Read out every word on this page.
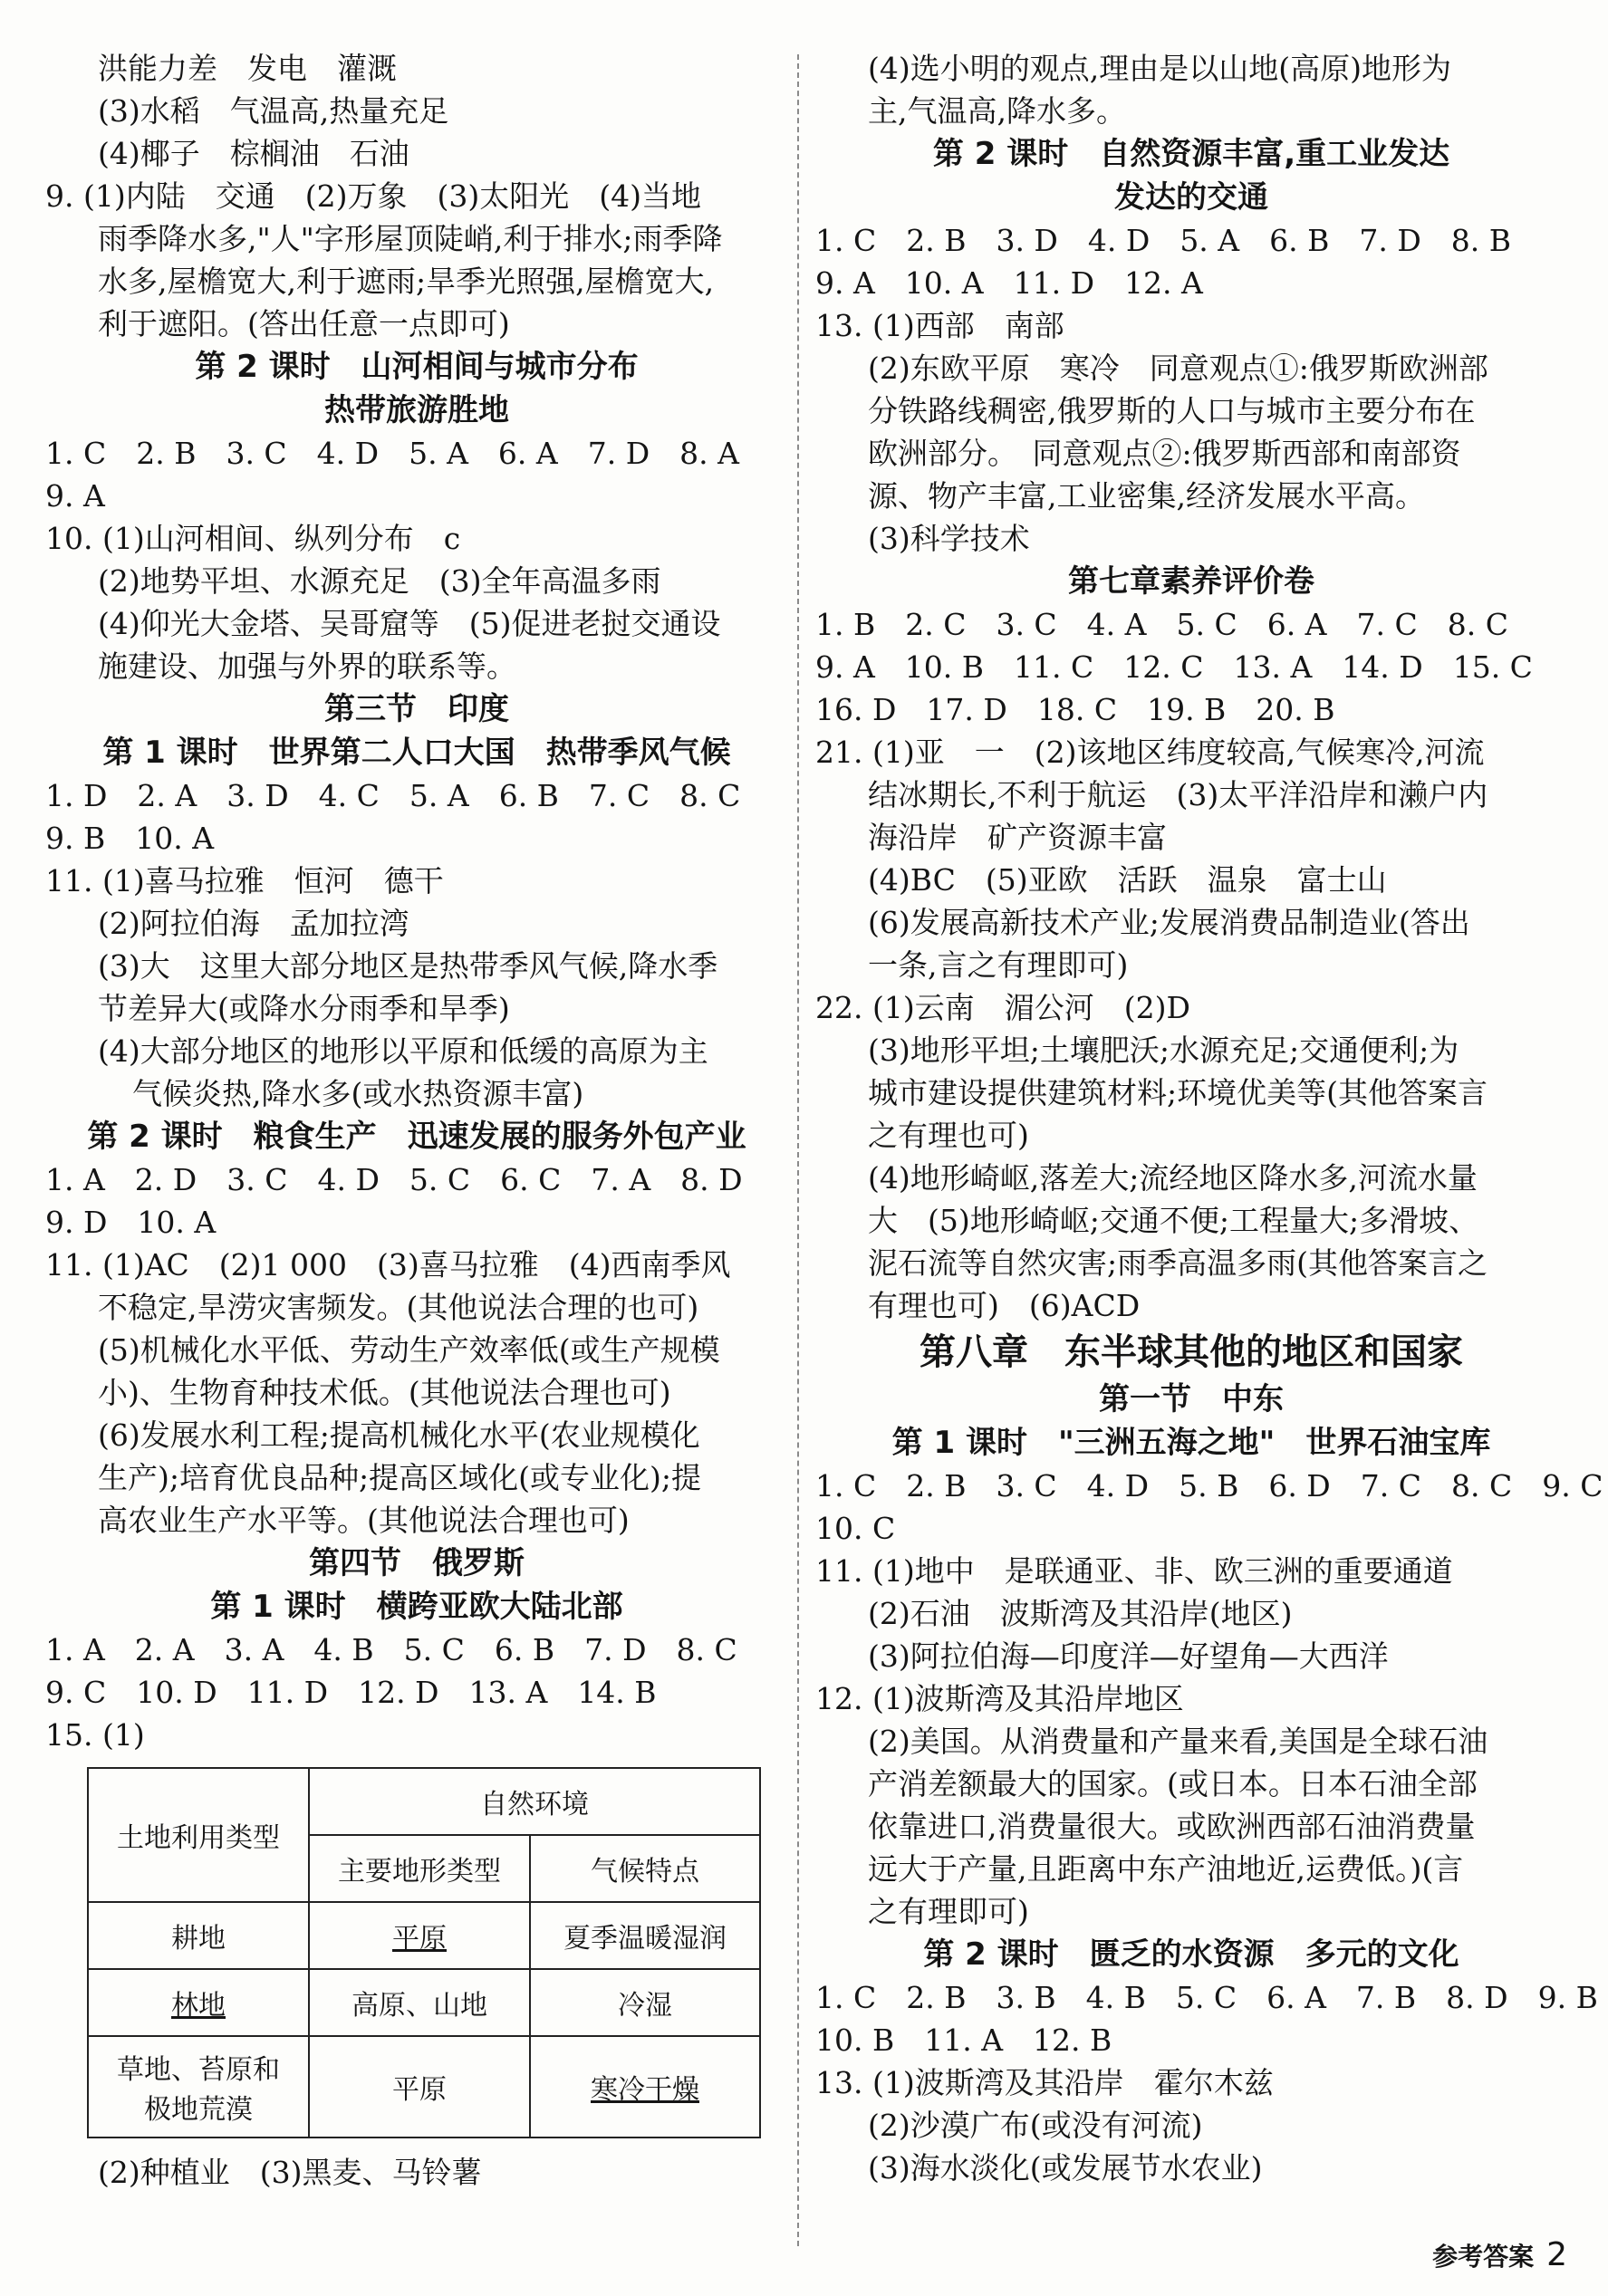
洪能力差　发电　灌溉
(3)水稻　气温高,热量充足
(4)椰子　棕榈油　石油
9. (1)内陆　交通　(2)万象　(3)太阳光　(4)当地
雨季降水多,"人"字形屋顶陡峭,利于排水;雨季降
水多,屋檐宽大,利于遮雨;旱季光照强,屋檐宽大,
利于遮阳。(答出任意一点即可)
第 2 课时　山河相间与城市分布
热带旅游胜地
1. C　2. B　3. C　4. D　5. A　6. A　7. D　8. A
9. A
10. (1)山河相间、纵列分布　c
(2)地势平坦、水源充足　(3)全年高温多雨
(4)仰光大金塔、吴哥窟等　(5)促进老挝交通设
施建设、加强与外界的联系等。
第三节　印度
第 1 课时　世界第二人口大国　热带季风气候
1. D　2. A　3. D　4. C　5. A　6. B　7. C　8. C
9. B　10. A
11. (1)喜马拉雅　恒河　德干
(2)阿拉伯海　孟加拉湾
(3)大　这里大部分地区是热带季风气候,降水季
节差异大(或降水分雨季和旱季)
(4)大部分地区的地形以平原和低缓的高原为主
气候炎热,降水多(或水热资源丰富)
第 2 课时　粮食生产　迅速发展的服务外包产业
1. A　2. D　3. C　4. D　5. C　6. C　7. A　8. D
9. D　10. A
11. (1)AC　(2)1 000　(3)喜马拉雅　(4)西南季风
不稳定,旱涝灾害频发。(其他说法合理的也可)
(5)机械化水平低、劳动生产效率低(或生产规模
小)、生物育种技术低。(其他说法合理也可)
(6)发展水利工程;提高机械化水平(农业规模化
生产);培育优良品种;提高区域化(或专业化);提
高农业生产水平等。(其他说法合理也可)
第四节　俄罗斯
第 1 课时　横跨亚欧大陆北部
1. A　2. A　3. A　4. B　5. C　6. B　7. D　8. C
9. C　10. D　11. D　12. D　13. A　14. B
15. (1)
土地利用类型	自然环境	
	主要地形类型	气候特点
耕地	平原	夏季温暖湿润
林地	高原、山地	冷湿

草地、苔原和
极地荒漠	平原	寒冷干燥
(2)种植业　(3)黑麦、马铃薯
(4)选小明的观点,理由是以山地(高原)地形为
主,气温高,降水多。
第 2 课时　自然资源丰富,重工业发达
发达的交通
1. C　2. B　3. D　4. D　5. A　6. B　7. D　8. B
9. A　10. A　11. D　12. A
13. (1)西部　南部
(2)东欧平原　寒冷　同意观点①:俄罗斯欧洲部
分铁路线稠密,俄罗斯的人口与城市主要分布在
欧洲部分。　同意观点②:俄罗斯西部和南部资
源、物产丰富,工业密集,经济发展水平高。
(3)科学技术
第七章素养评价卷
1. B　2. C　3. C　4. A　5. C　6. A　7. C　8. C
9. A　10. B　11. C　12. C　13. A　14. D　15. C
16. D　17. D　18. C　19. B　20. B
21. (1)亚　一　(2)该地区纬度较高,气候寒冷,河流
结冰期长,不利于航运　(3)太平洋沿岸和濑户内
海沿岸　矿产资源丰富
(4)BC　(5)亚欧　活跃　温泉　富士山
(6)发展高新技术产业;发展消费品制造业(答出
一条,言之有理即可)
22. (1)云南　湄公河　(2)D
(3)地形平坦;土壤肥沃;水源充足;交通便利;为
城市建设提供建筑材料;环境优美等(其他答案言
之有理也可)
(4)地形崎岖,落差大;流经地区降水多,河流水量
大　(5)地形崎岖;交通不便;工程量大;多滑坡、
泥石流等自然灾害;雨季高温多雨(其他答案言之
有理也可)　(6)ACD
第八章　东半球其他的地区和国家
第一节　中东
第 1 课时　"三洲五海之地"　世界石油宝库
1. C　2. B　3. C　4. D　5. B　6. D　7. C　8. C　9. C
10. C
11. (1)地中　是联通亚、非、欧三洲的重要通道
(2)石油　波斯湾及其沿岸(地区)
(3)阿拉伯海—印度洋—好望角—大西洋
12. (1)波斯湾及其沿岸地区
(2)美国。从消费量和产量来看,美国是全球石油
产消差额最大的国家。(或日本。日本石油全部
依靠进口,消费量很大。或欧洲西部石油消费量
远大于产量,且距离中东产油地近,运费低。)(言
之有理即可)
第 2 课时　匮乏的水资源　多元的文化
1. C　2. B　3. B　4. B　5. C　6. A　7. B　8. D　9. B
10. B　11. A　12. B
13. (1)波斯湾及其沿岸　霍尔木兹
(2)沙漠广布(或没有河流)
(3)海水淡化(或发展节水农业)
参考答案 2
